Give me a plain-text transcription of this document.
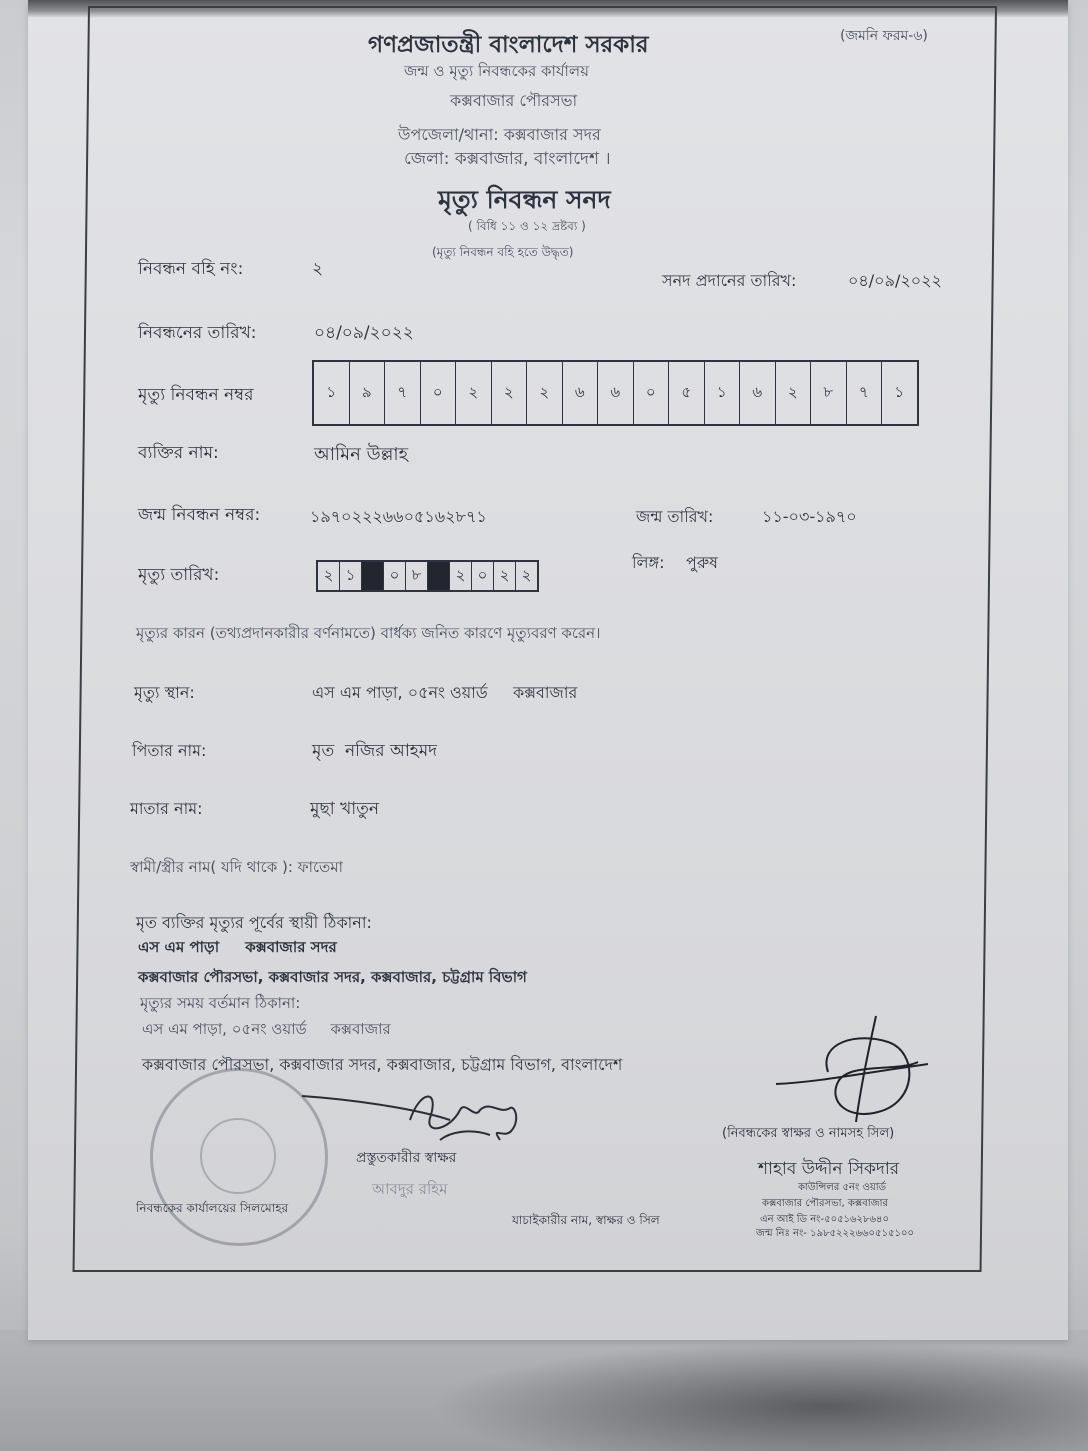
(জমনি ফরম-৬)
গণপ্রজাতন্ত্রী বাংলাদেশ সরকার
জন্ম ও মৃত্যু নিবন্ধকের কার্যালয়
কক্সবাজার পৌরসভা
উপজেলা/থানা: কক্সবাজার সদর
জেলা: কক্সবাজার, বাংলাদেশ ।
মৃত্যু নিবন্ধন সনদ
( বিধি ১১ ও ১২ দ্রষ্টব্য )
(মৃত্যু নিবন্ধন বহি হতে উদ্ধৃত)
নিবন্ধন বহি নং:	২
সনদ প্রদানের তারিখ:	০৪/০৯/২০২২
নিবন্ধনের তারিখ:	০৪/০৯/২০২২
মৃত্যু নিবন্ধন নম্বর	১	৯	৭	০	২	২	২	৬	৬	০	৫	১	৬	২	৮	৭	১
ব্যক্তির নাম:	আমিন উল্লাহ
জন্ম নিবন্ধন নম্বর:	১৯৭০২২২৬৬০৫১৬২৮৭১	জন্ম তারিখ:	১১-০৩-১৯৭০
মৃত্যু তারিখ:	২ ১	০ ৮	২ ০ ২ ২
লিঙ্গ: পুরুষ
মৃত্যুর কারন (তথ্যপ্রদানকারীর বর্ণনামতে) বার্ধক্য জনিত কারণে মৃত্যুবরণ করেন।
মৃত্যু স্থান:	এস এম পাড়া, ০৫নং ওয়ার্ড     কক্সবাজার
পিতার নাম:	মৃত  নজির আহমদ
মাতার নাম:	মুছা খাতুন
স্বামী/স্ত্রীর নাম( যদি থাকে ): ফাতেমা
মৃত ব্যক্তির মৃত্যুর পূর্বের স্থায়ী ঠিকানা:
এস এম পাড়া     কক্সবাজার সদর
কক্সবাজার পৌরসভা, কক্সবাজার সদর, কক্সবাজার, চট্টগ্রাম বিভাগ
মৃত্যুর সময় বর্তমান ঠিকানা:
এস এম পাড়া, ০৫নং ওয়ার্ড     কক্সবাজার
কক্সবাজার পৌরসভা, কক্সবাজার সদর, কক্সবাজার, চট্টগ্রাম বিভাগ, বাংলাদেশ
প্রস্তুতকারীর স্বাক্ষর
(নিবন্ধকের স্বাক্ষর ও নামসহ সিল)
শাহাব উদ্দীন সিকদার
কাউন্সিলর ৫নং ওয়ার্ড
কক্সবাজার পৌরসভা, কক্সবাজার
এন আই ডি নং-৫০৫১৬২৮৬৪০
জন্ম নিঃ নং- ১৯৮৫২২২৬৬০৫১৫১০০
আবদুর রহিম
নিবন্ধকের কার্যালয়ের সিলমোহর
যাচাইকারীর নাম, স্বাক্ষর ও সিল
